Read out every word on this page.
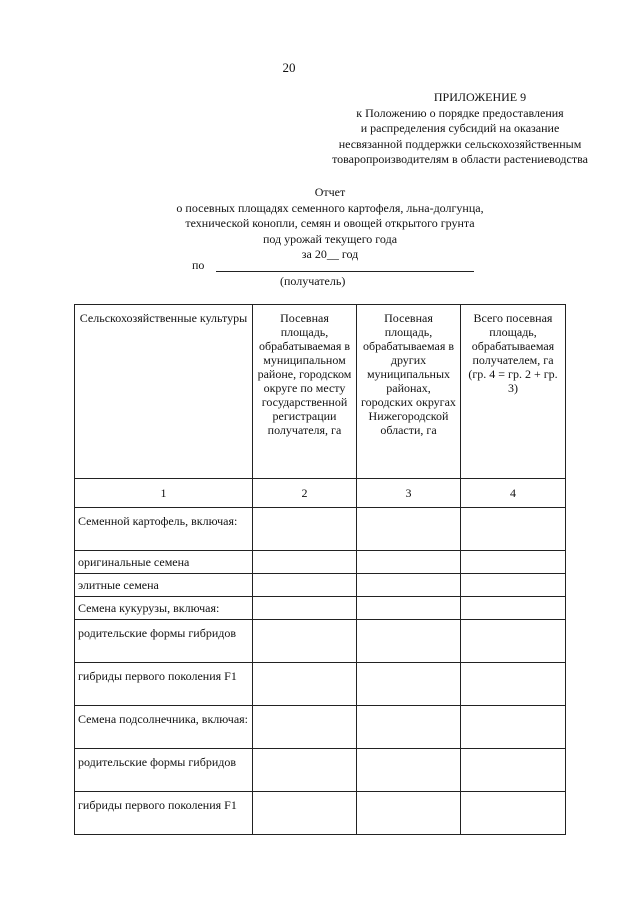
20
ПРИЛОЖЕНИЕ 9
к Положению о порядке предоставления
и распределения субсидий на оказание
несвязанной поддержки сельскохозяйственным
товаропроизводителям в области растениеводства
Отчет
о посевных площадях семенного картофеля, льна-долгунца,
технической конопли, семян и овощей открытого грунта
под урожай текущего года
за 20__ год
по
(получатель)
Сельскохозяйственные культуры	Посевная площадь, обрабатываемая в муниципальном районе, городском округе по месту государственной регистрации получателя, га	Посевная площадь, обрабатываемая в других муниципальных районах, городских округах Нижегородской области, га	Всего посевная площадь, обрабатываемая получателем, га (гр. 4 = гр. 2 + гр. 3)
1	2	3	4
Семенной картофель, включая:			
оригинальные семена			
элитные семена			
Семена кукурузы, включая:			
родительские формы гибридов			
гибриды первого поколения F1			
Семена подсолнечника, включая:			
родительские формы гибридов			
гибриды первого поколения F1			
